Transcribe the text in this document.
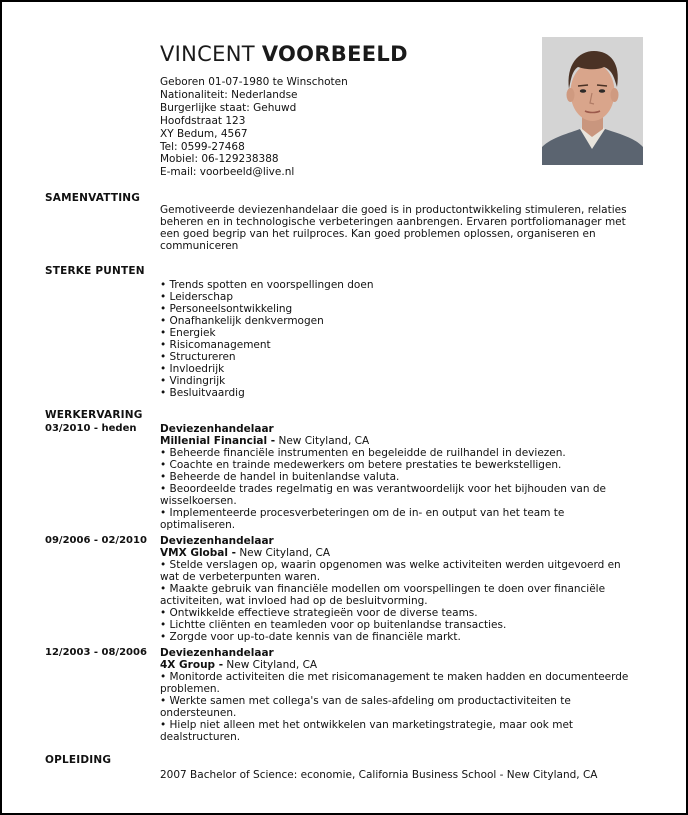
VINCENT VOORBEELD
Geboren 01-07-1980 te Winschoten
Nationaliteit: Nederlandse
Burgerlijke staat: Gehuwd
Hoofdstraat 123
XY Bedum, 4567
Tel: 0599-27468
Mobiel: 06-129238388
E-mail: voorbeeld@live.nl
SAMENVATTING
Gemotiveerde deviezenhandelaar die goed is in productontwikkeling stimuleren, relaties beheren en in technologische verbeteringen aanbrengen. Ervaren portfoliomanager met een goed begrip van het ruilproces. Kan goed problemen oplossen, organiseren en communiceren
STERKE PUNTEN
• Trends spotten en voorspellingen doen
• Leiderschap
• Personeelsontwikkeling
• Onafhankelijk denkvermogen
• Energiek
• Risicomanagement
• Structureren
• Invloedrijk
• Vindingrijk
• Besluitvaardig
WERKERVARING
03/2010 - heden Deviezenhandelaar
Millenial Financial - New Cityland, CA
• Beheerde financiële instrumenten en begeleidde de ruilhandel in deviezen.
• Coachte en trainde medewerkers om betere prestaties te bewerkstelligen.
• Beheerde de handel in buitenlandse valuta.
• Beoordeelde trades regelmatig en was verantwoordelijk voor het bijhouden van de
wisselkoersen.
• Implementeerde procesverbeteringen om de in- en output van het team te
optimaliseren.
09/2006 - 02/2010 Deviezenhandelaar
VMX Global - New Cityland, CA
• Stelde verslagen op, waarin opgenomen was welke activiteiten werden uitgevoerd en
wat de verbeterpunten waren.
• Maakte gebruik van financiële modellen om voorspellingen te doen over financiële
activiteiten, wat invloed had op de besluitvorming.
• Ontwikkelde effectieve strategieën voor de diverse teams.
• Lichtte cliënten en teamleden voor op buitenlandse transacties.
• Zorgde voor up-to-date kennis van de financiële markt.
12/2003 - 08/2006 Deviezenhandelaar
4X Group - New Cityland, CA
• Monitorde activiteiten die met risicomanagement te maken hadden en documenteerde
problemen.
• Werkte samen met collega's van de sales-afdeling om productactiviteiten te
ondersteunen.
• Hielp niet alleen met het ontwikkelen van marketingstrategie, maar ook met
dealstructuren.
OPLEIDING
2007 Bachelor of Science: economie, California Business School - New Cityland, CA
